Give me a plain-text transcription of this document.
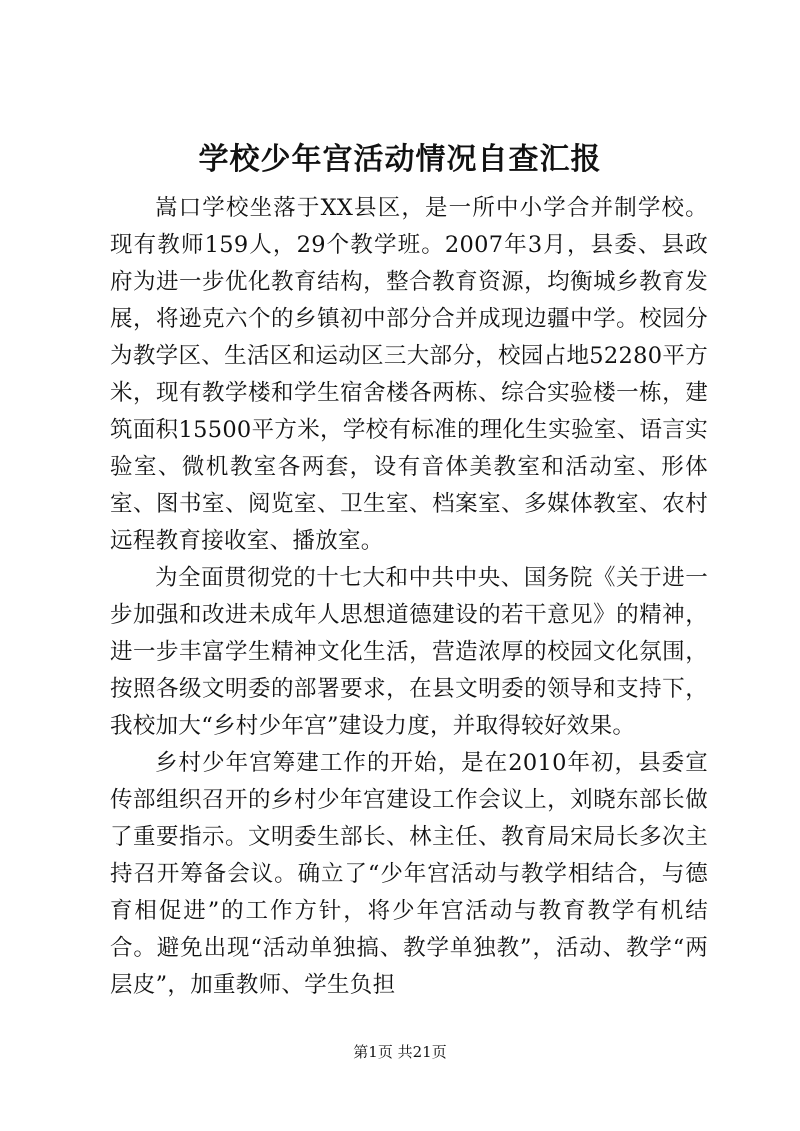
学校少年宫活动情况自查汇报

嵩口学校坐落于XX县区，是一所中小学合并制学校。现有教师159人，29个教学班。2007年3月，县委、县政府为进一步优化教育结构，整合教育资源，均衡城乡教育发展，将逊克六个的乡镇初中部分合并成现边疆中学。校园分为教学区、生活区和运动区三大部分，校园占地52280平方米，现有教学楼和学生宿舍楼各两栋、综合实验楼一栋，建筑面积15500平方米，学校有标准的理化生实验室、语言实验室、微机教室各两套，设有音体美教室和活动室、形体室、图书室、阅览室、卫生室、档案室、多媒体教室、农村远程教育接收室、播放室。

为全面贯彻党的十七大和中共中央、国务院《关于进一步加强和改进未成年人思想道德建设的若干意见》的精神，进一步丰富学生精神文化生活，营造浓厚的校园文化氛围，按照各级文明委的部署要求，在县文明委的领导和支持下，我校加大“乡村少年宫”建设力度，并取得较好效果。

乡村少年宫筹建工作的开始，是在2010年初，县委宣传部组织召开的乡村少年宫建设工作会议上，刘晓东部长做了重要指示。文明委生部长、林主任、教育局宋局长多次主持召开筹备会议。确立了“少年宫活动与教学相结合，与德育相促进”的工作方针，将少年宫活动与教育教学有机结合。避免出现“活动单独搞、教学单独教”，活动、教学“两层皮”，加重教师、学生负担

第1页 共21页
